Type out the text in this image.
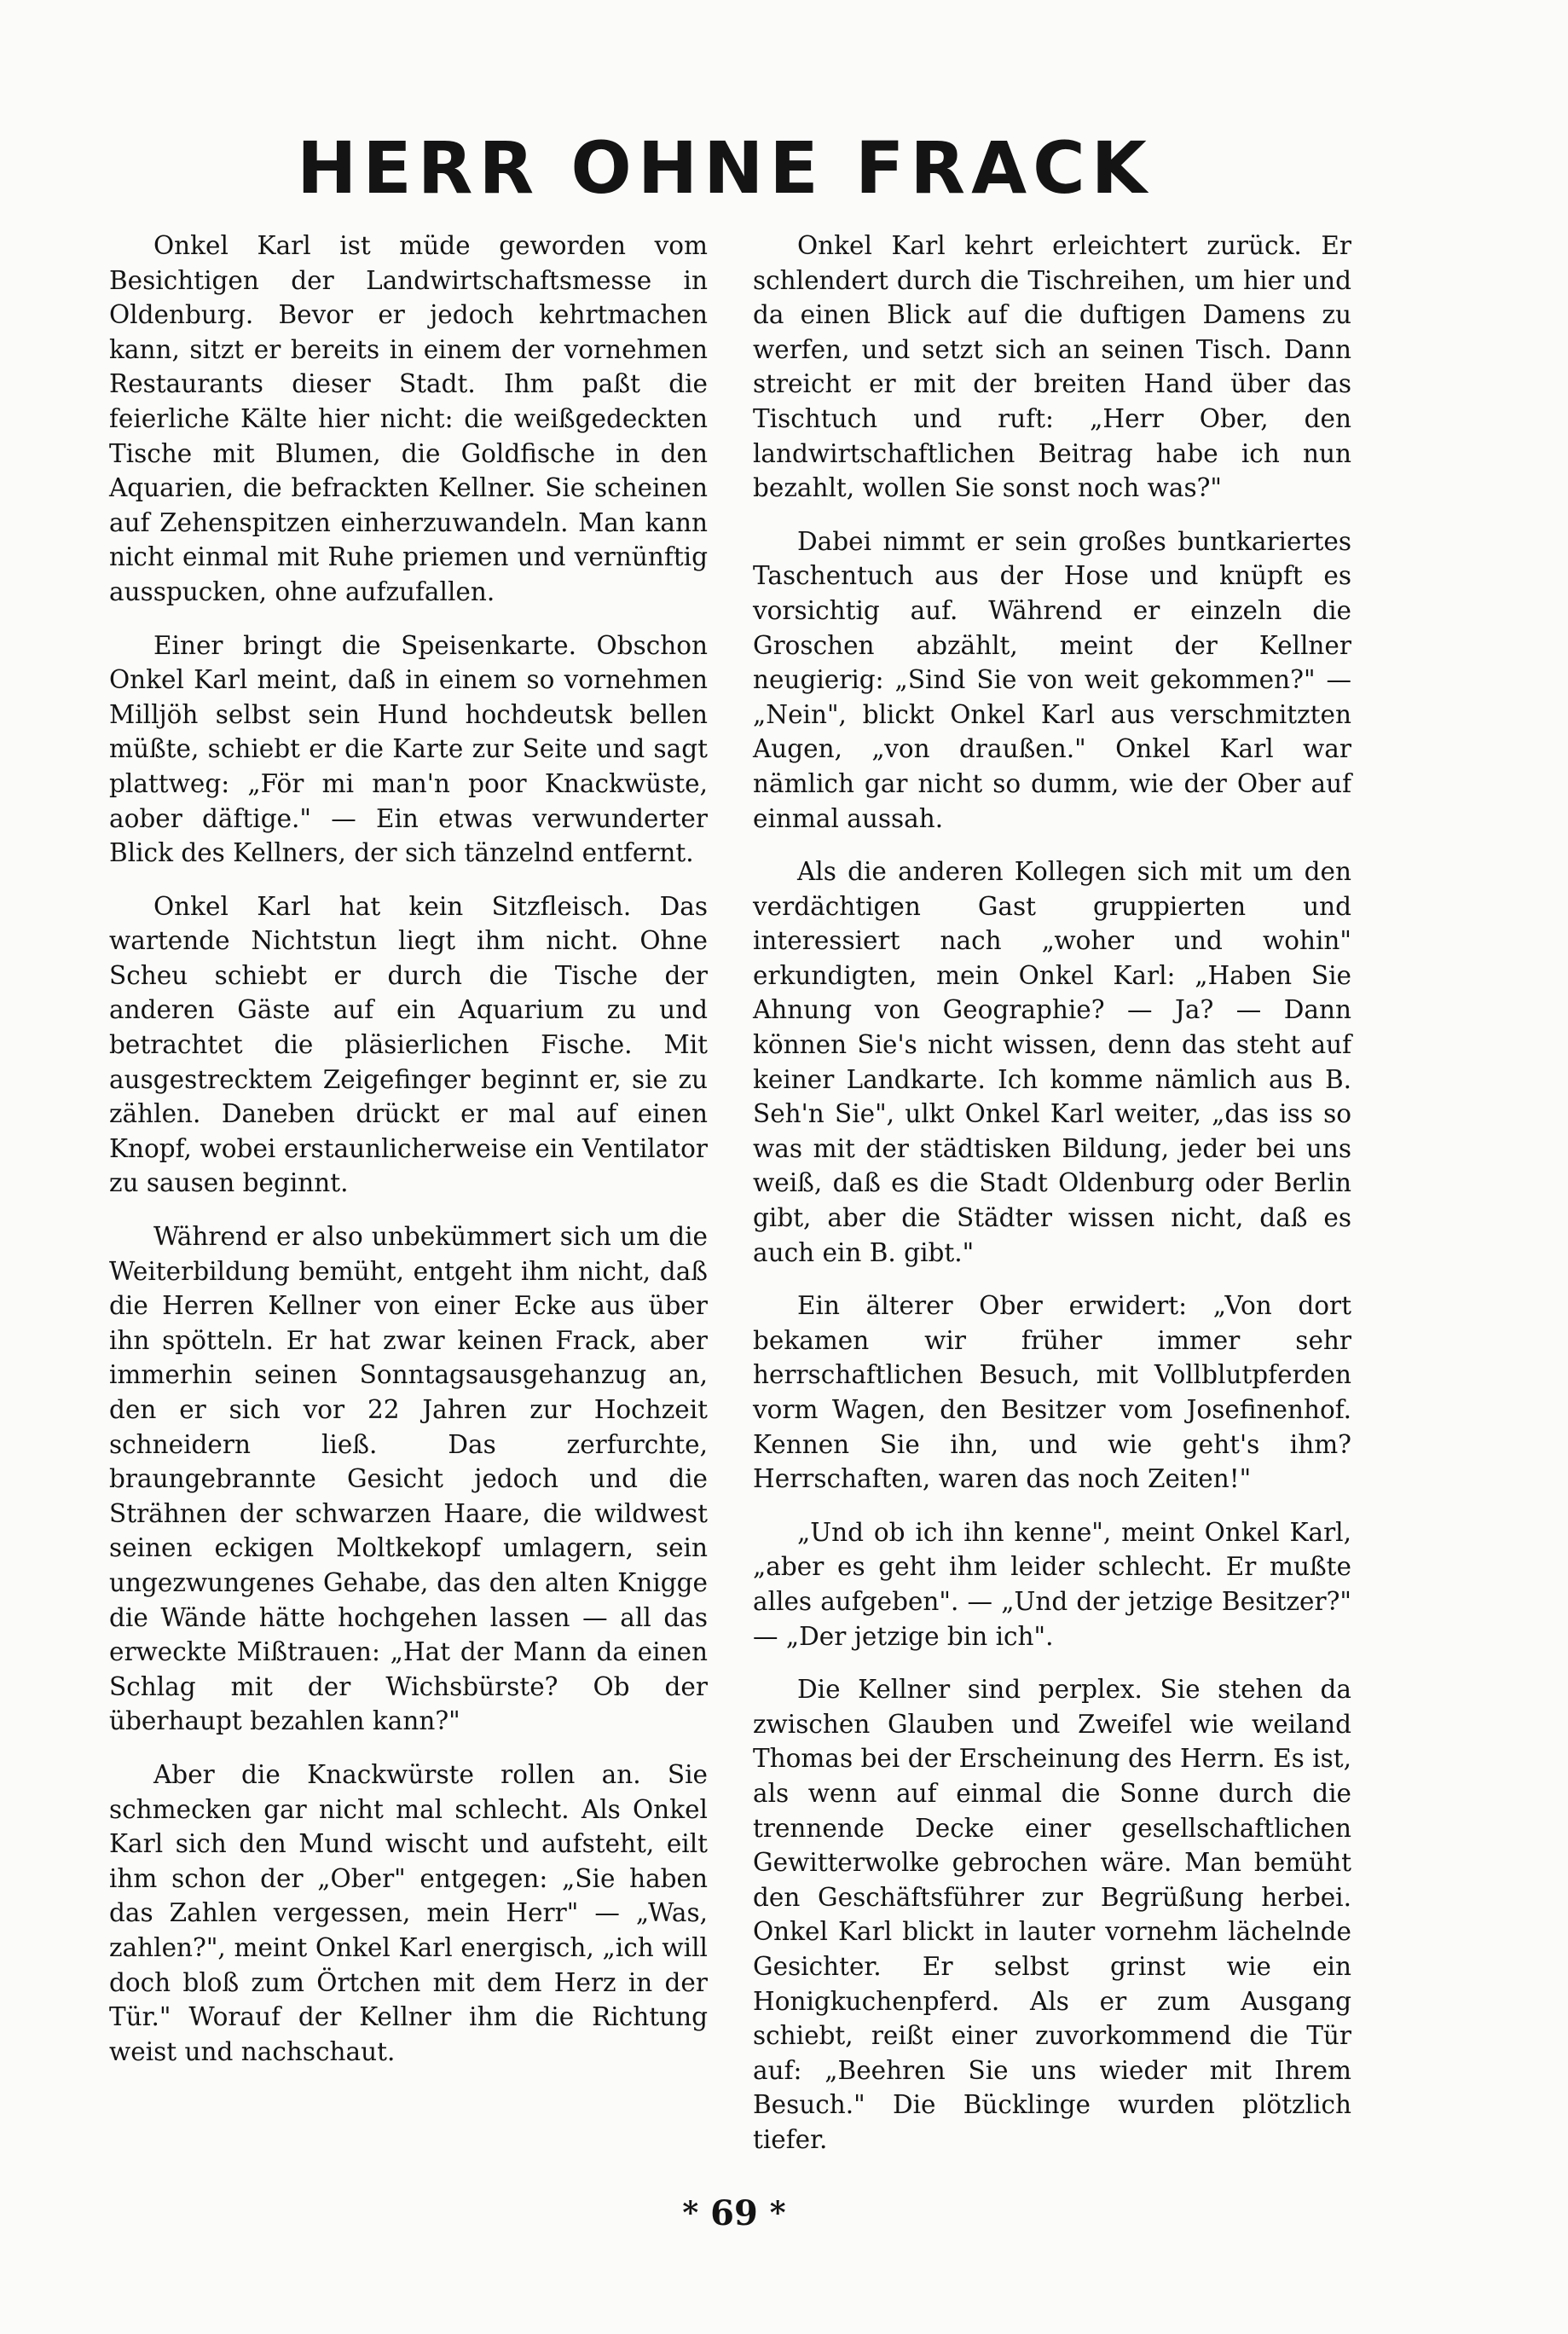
HERR OHNE FRACK

Onkel Karl ist müde geworden vom Besichtigen der Landwirtschaftsmesse in Oldenburg. Bevor er jedoch kehrtmachen kann, sitzt er bereits in einem der vornehmen Restaurants dieser Stadt. Ihm paßt die feierliche Kälte hier nicht: die weißgedeckten Tische mit Blumen, die Goldfische in den Aquarien, die befrackten Kellner. Sie scheinen auf Zehenspitzen einherzuwandeln. Man kann nicht einmal mit Ruhe priemen und vernünftig ausspucken, ohne aufzufallen.

Einer bringt die Speisenkarte. Obschon Onkel Karl meint, daß in einem so vornehmen Milljöh selbst sein Hund hochdeutsk bellen müßte, schiebt er die Karte zur Seite und sagt plattweg: „För mi man'n poor Knackwüste, aober däftige." — Ein etwas verwunderter Blick des Kellners, der sich tänzelnd entfernt.

Onkel Karl hat kein Sitzfleisch. Das wartende Nichtstun liegt ihm nicht. Ohne Scheu schiebt er durch die Tische der anderen Gäste auf ein Aquarium zu und betrachtet die pläsierlichen Fische. Mit ausgestrecktem Zeigefinger beginnt er, sie zu zählen. Daneben drückt er mal auf einen Knopf, wobei erstaunlicherweise ein Ventilator zu sausen beginnt.

Während er also unbekümmert sich um die Weiterbildung bemüht, entgeht ihm nicht, daß die Herren Kellner von einer Ecke aus über ihn spötteln. Er hat zwar keinen Frack, aber immerhin seinen Sonntagsausgehanzug an, den er sich vor 22 Jahren zur Hochzeit schneidern ließ. Das zerfurchte, braungebrannte Gesicht jedoch und die Strähnen der schwarzen Haare, die wildwest seinen eckigen Moltkekopf umlagern, sein ungezwungenes Gehabe, das den alten Knigge die Wände hätte hochgehen lassen — all das erweckte Mißtrauen: „Hat der Mann da einen Schlag mit der Wichsbürste? Ob der überhaupt bezahlen kann?"

Aber die Knackwürste rollen an. Sie schmecken gar nicht mal schlecht. Als Onkel Karl sich den Mund wischt und aufsteht, eilt ihm schon der „Ober" entgegen: „Sie haben das Zahlen vergessen, mein Herr" — „Was, zahlen?", meint Onkel Karl energisch, „ich will doch bloß zum Örtchen mit dem Herz in der Tür." Worauf der Kellner ihm die Richtung weist und nachschaut.

Onkel Karl kehrt erleichtert zurück. Er schlendert durch die Tischreihen, um hier und da einen Blick auf die duftigen Damens zu werfen, und setzt sich an seinen Tisch. Dann streicht er mit der breiten Hand über das Tischtuch und ruft: „Herr Ober, den landwirtschaftlichen Beitrag habe ich nun bezahlt, wollen Sie sonst noch was?"

Dabei nimmt er sein großes buntkariertes Taschentuch aus der Hose und knüpft es vorsichtig auf. Während er einzeln die Groschen abzählt, meint der Kellner neugierig: „Sind Sie von weit gekommen?" — „Nein", blickt Onkel Karl aus verschmitzten Augen, „von draußen." Onkel Karl war nämlich gar nicht so dumm, wie der Ober auf einmal aussah.

Als die anderen Kollegen sich mit um den verdächtigen Gast gruppierten und interessiert nach „woher und wohin" erkundigten, mein Onkel Karl: „Haben Sie Ahnung von Geographie? — Ja? — Dann können Sie's nicht wissen, denn das steht auf keiner Landkarte. Ich komme nämlich aus B. Seh'n Sie", ulkt Onkel Karl weiter, „das iss so was mit der städtisken Bildung, jeder bei uns weiß, daß es die Stadt Oldenburg oder Berlin gibt, aber die Städter wissen nicht, daß es auch ein B. gibt."

Ein älterer Ober erwidert: „Von dort bekamen wir früher immer sehr herrschaftlichen Besuch, mit Vollblutpferden vorm Wagen, den Besitzer vom Josefinenhof. Kennen Sie ihn, und wie geht's ihm? Herrschaften, waren das noch Zeiten!"

„Und ob ich ihn kenne", meint Onkel Karl, „aber es geht ihm leider schlecht. Er mußte alles aufgeben". — „Und der jetzige Besitzer?" — „Der jetzige bin ich".

Die Kellner sind perplex. Sie stehen da zwischen Glauben und Zweifel wie weiland Thomas bei der Erscheinung des Herrn. Es ist, als wenn auf einmal die Sonne durch die trennende Decke einer gesellschaftlichen Gewitterwolke gebrochen wäre. Man bemüht den Geschäftsführer zur Begrüßung herbei. Onkel Karl blickt in lauter vornehm lächelnde Gesichter. Er selbst grinst wie ein Honigkuchenpferd. Als er zum Ausgang schiebt, reißt einer zuvorkommend die Tür auf: „Beehren Sie uns wieder mit Ihrem Besuch." Die Bücklinge wurden plötzlich tiefer.

* 69 *
